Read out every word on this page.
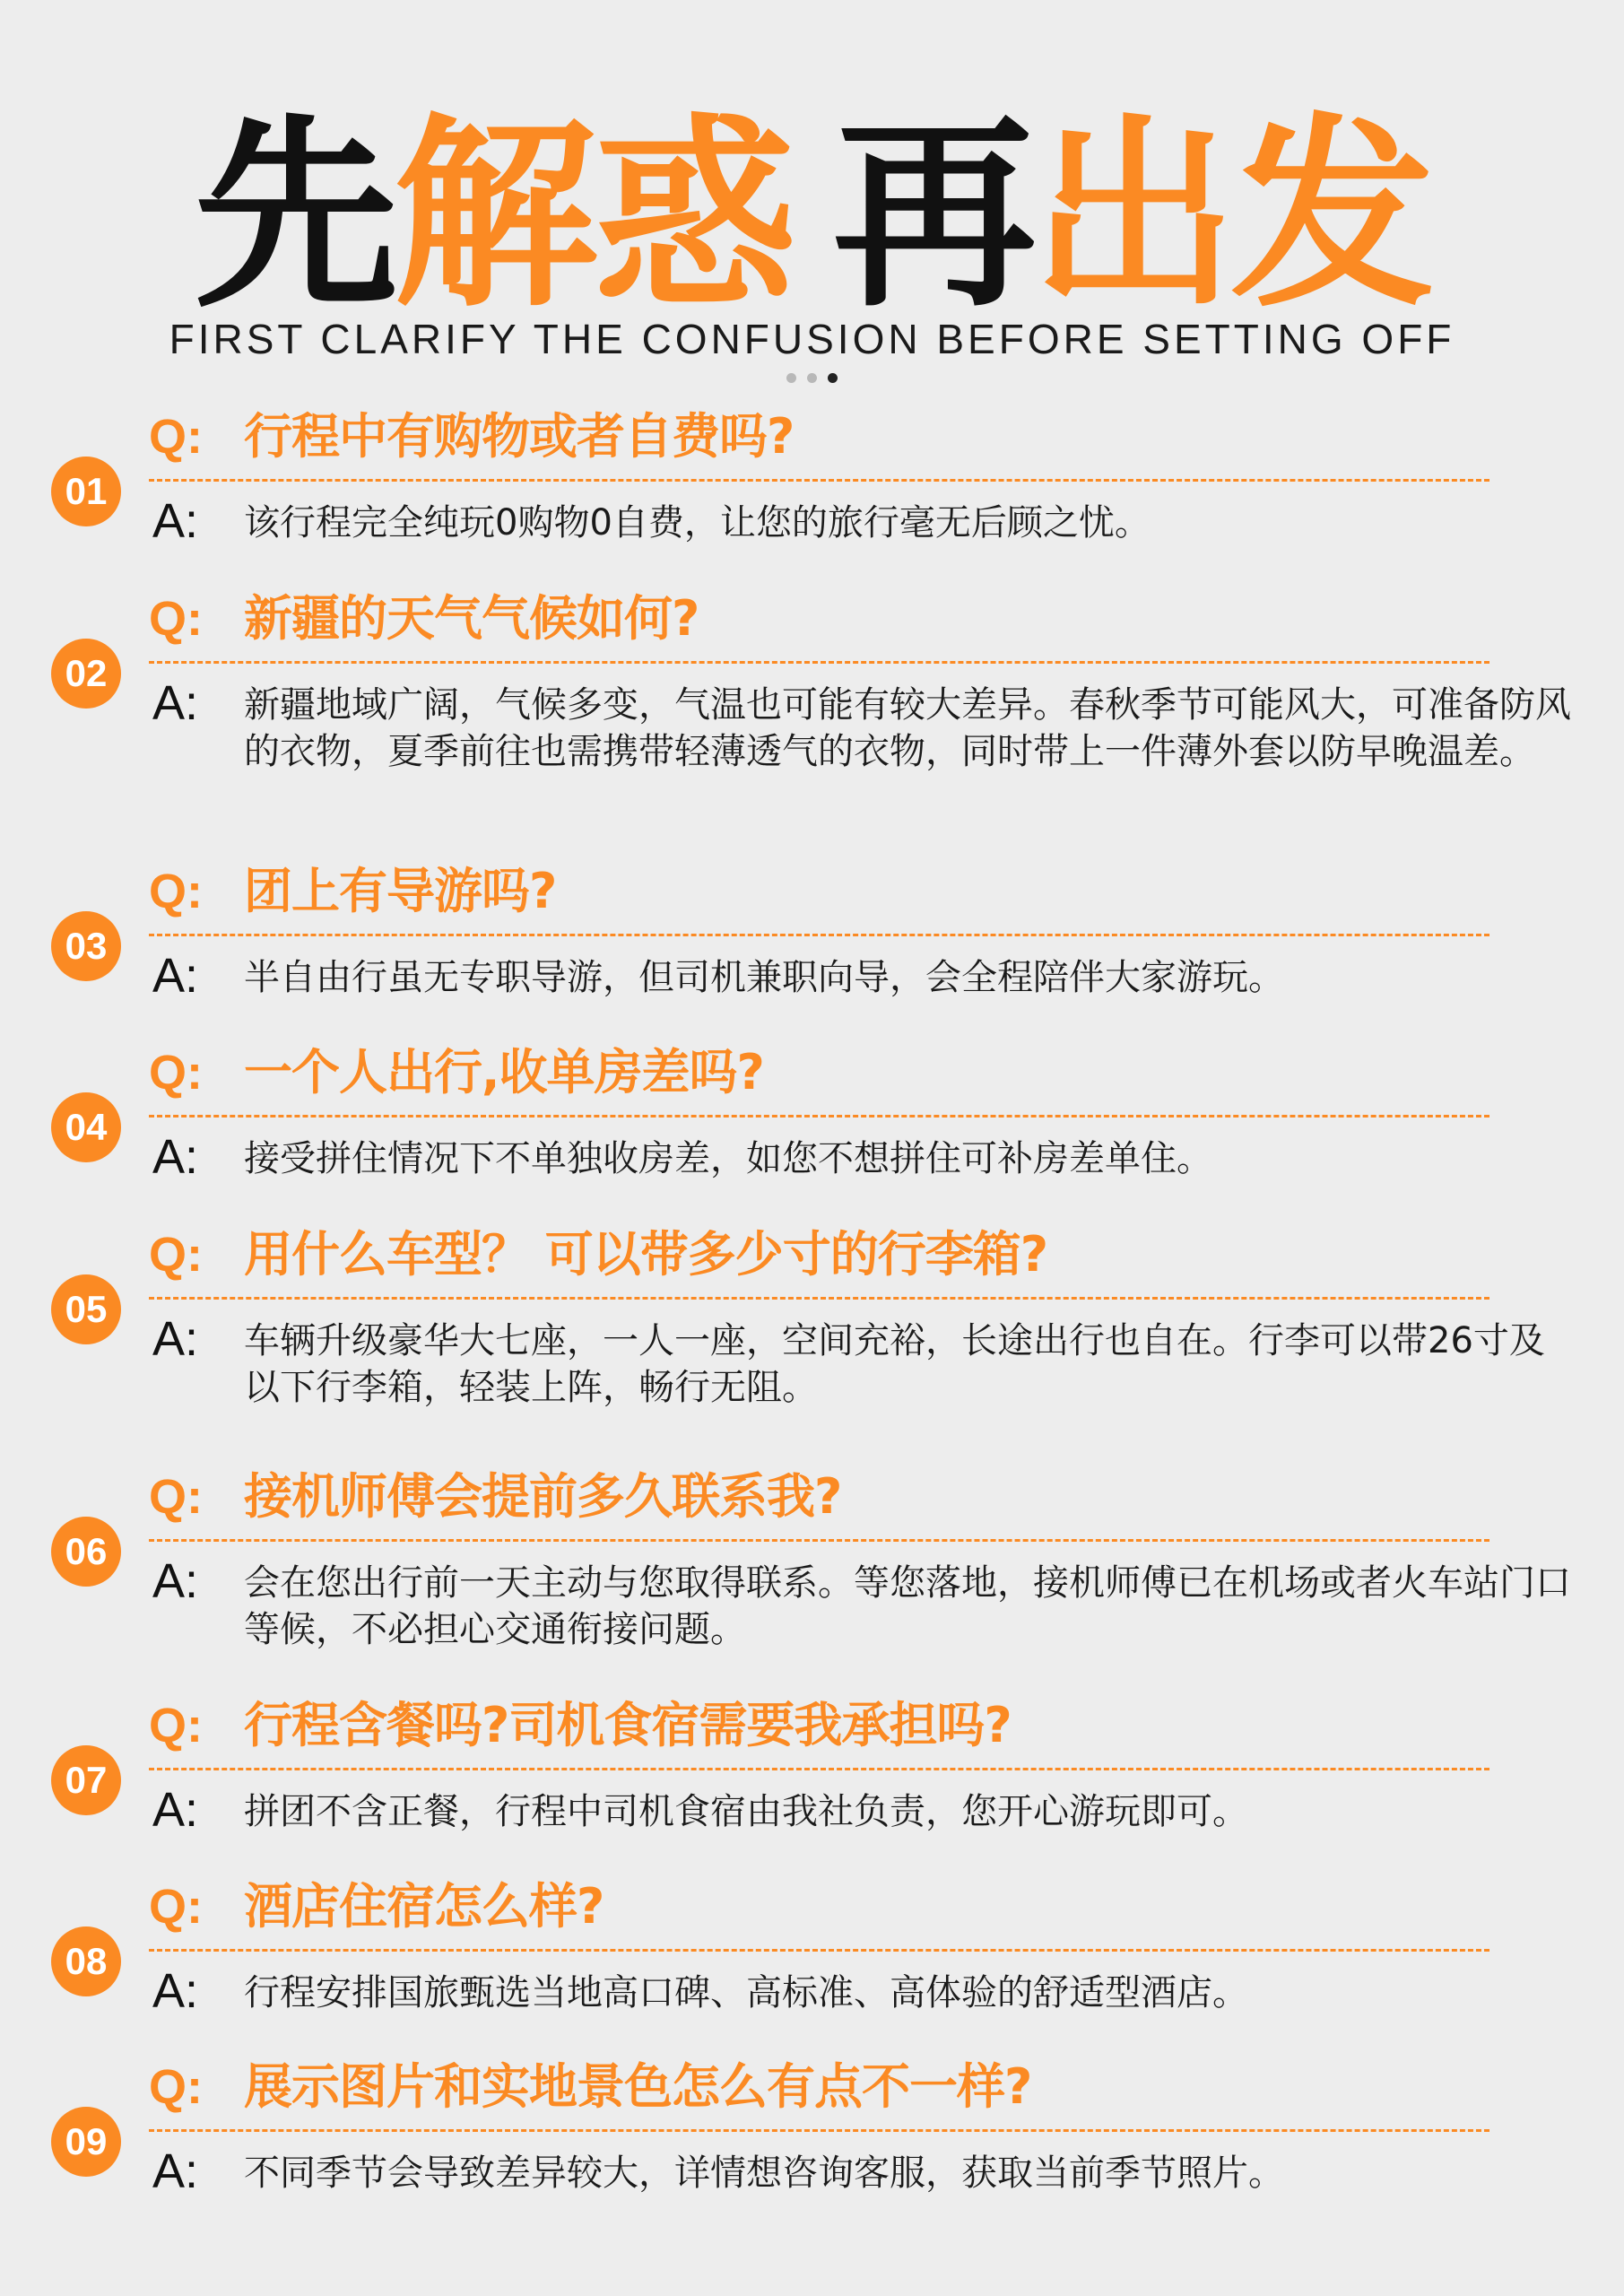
先解惑 再出发
FIRST CLARIFY THE CONFUSION BEFORE SETTING OFF
01
Q: 行程中有购物或者自费吗?
A: 该行程完全纯玩0购物0自费，让您的旅行毫无后顾之忧。
02
Q: 新疆的天气气候如何?
A: 新疆地域广阔，气候多变，气温也可能有较大差异。春秋季节可能风大，可准备防风的衣物，夏季前往也需携带轻薄透气的衣物，同时带上一件薄外套以防早晚温差。
03
Q: 团上有导游吗?
A: 半自由行虽无专职导游，但司机兼职向导，会全程陪伴大家游玩。
04
Q: 一个人出行,收单房差吗?
A: 接受拼住情况下不单独收房差，如您不想拼住可补房差单住。
05
Q: 用什么车型？ 可以带多少寸的行李箱?
A: 车辆升级豪华大七座，一人一座，空间充裕，长途出行也自在。行李可以带26寸及以下行李箱，轻装上阵，畅行无阻。
06
Q: 接机师傅会提前多久联系我?
A: 会在您出行前一天主动与您取得联系。等您落地，接机师傅已在机场或者火车站门口等候，不必担心交通衔接问题。
07
Q: 行程含餐吗?司机食宿需要我承担吗?
A: 拼团不含正餐，行程中司机食宿由我社负责，您开心游玩即可。
08
Q: 酒店住宿怎么样?
A: 行程安排国旅甄选当地高口碑、高标准、高体验的舒适型酒店。
09
Q: 展示图片和实地景色怎么有点不一样?
A: 不同季节会导致差异较大，详情想咨询客服，获取当前季节照片。
